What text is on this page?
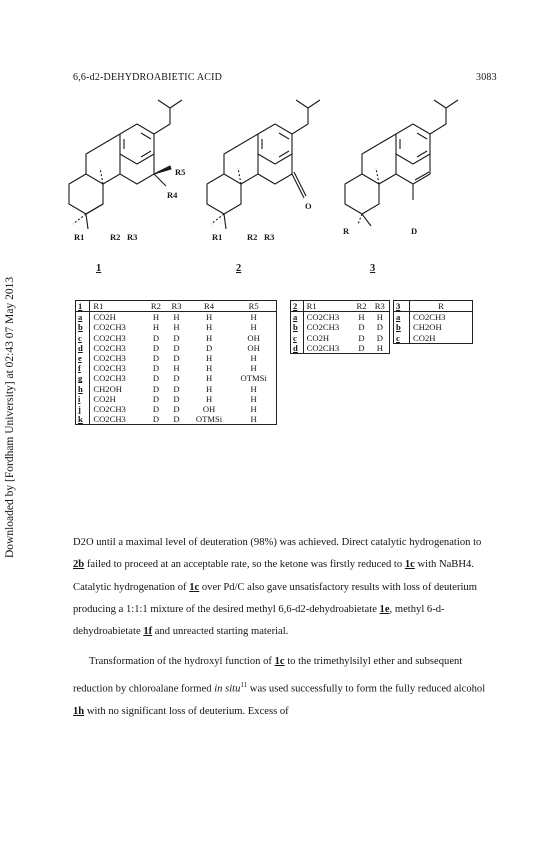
6,6-d2-DEHYDROABIETIC ACID	3083
Downloaded by [Fordham University] at 02:43 07 May 2013
R5
R4
R1	R2 R3
O
R1	R2 R3
R	D
1	2	3
1	R1	R2	R3	R4	R5
a	CO2H	H	H	H	H
b	CO2CH3	H	H	H	H
c	CO2CH3	D	D	H	OH
d	CO2CH3	D	D	D	OH
e	CO2CH3	D	D	H	H
f	CO2CH3	D	H	H	H
g	CO2CH3	D	D	H	OTMSi
h	CH2OH	D	D	H	H
i	CO2H	D	D	H	H
j	CO2CH3	D	D	OH	H
k	CO2CH3	D	D	OTMSi	H
2	R1	R2	R3
a	CO2CH3	H	H
b	CO2CH3	D	D
c	CO2H	D	D
d	CO2CH3	D	H
3	R
a	CO2CH3
b	CH2OH
c	CO2H

D2O until a maximal level of deuteration (98%) was achieved. Direct catalytic hydrogenation to 2b failed to proceed at an acceptable rate, so the ketone was firstly reduced to 1c with NaBH4. Catalytic hydrogenation of 1c over Pd/C also gave unsatisfactory results with loss of deuterium producing a 1:1:1 mixture of the desired methyl 6,6-d2-dehydroabietate 1e, methyl 6-d-dehydroabietate 1f and unreacted starting material.

Transformation of the hydroxyl function of 1c to the trimethylsilyl ether and subsequent reduction by chloroalane formed in situ$^{11}$ was used successfully to form the fully reduced alcohol 1h with no significant loss of deuterium. Excess of
